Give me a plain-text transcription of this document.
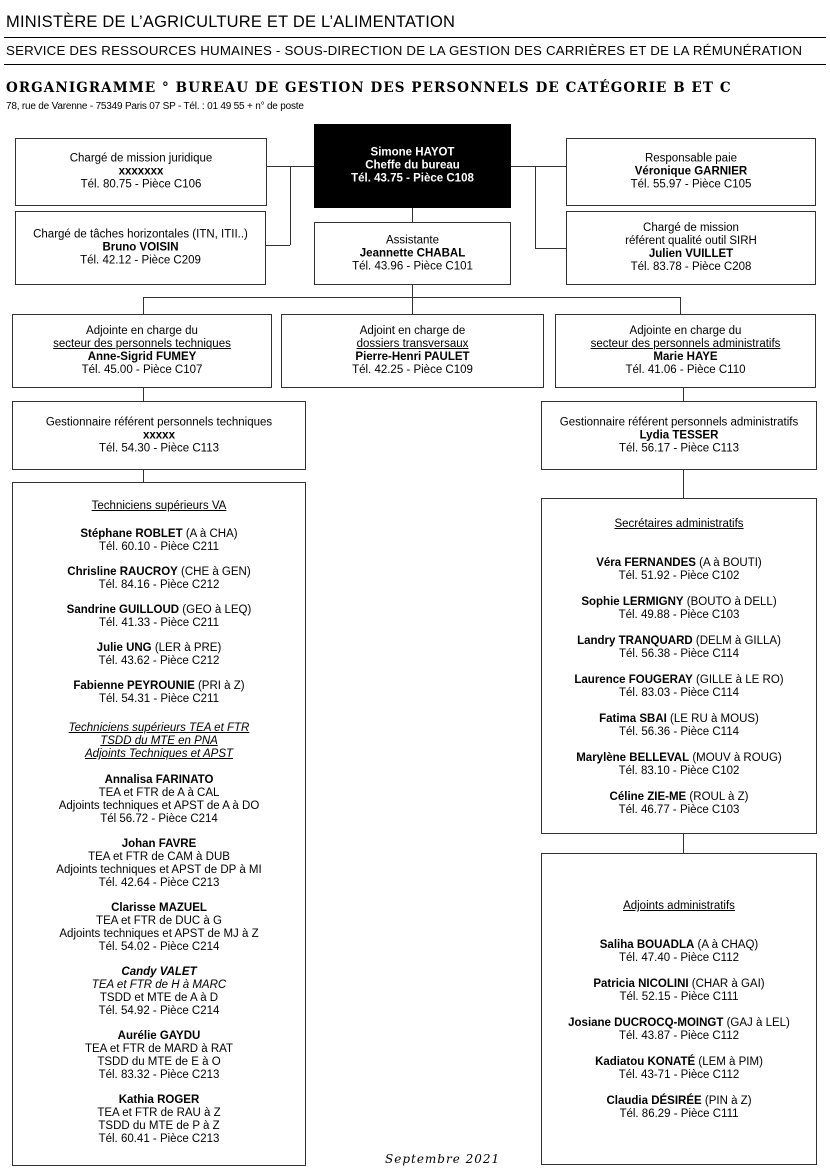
MINISTÈRE DE L’AGRICULTURE ET DE L’ALIMENTATION
SERVICE DES RESSOURCES HUMAINES - SOUS-DIRECTION DE LA GESTION DES CARRIÈRES ET DE LA RÉMUNÉRATION
ORGANIGRAMME ° BUREAU DE GESTION DES PERSONNELS DE CATÉGORIE B ET C
78, rue de Varenne - 75349 Paris 07 SP - Tél. : 01 49 55 + n° de poste
Chargé de mission juridique
xxxxxxx
Tél. 80.75 - Pièce C106
Simone HAYOT
Cheffe du bureau
Tél. 43.75 - Pièce C108
Responsable paie
Véronique GARNIER
Tél. 55.97 - Pièce C105
Chargé de tâches horizontales (ITN, ITII..)
Bruno VOISIN
Tél. 42.12 - Pièce C209
Assistante
Jeannette CHABAL
Tél. 43.96 - Pièce C101
Chargé de mission
référent qualité outil SIRH
Julien VUILLET
Tél. 83.78 - Pièce C208
Adjointe en charge du
secteur des personnels techniques
Anne-Sigrid FUMEY
Tél. 45.00 - Pièce C107
Adjoint en charge de
dossiers transversaux
Pierre-Henri PAULET
Tél. 42.25 - Pièce C109
Adjointe en charge du
secteur des personnels administratifs
Marie HAYE
Tél. 41.06 - Pièce C110
Gestionnaire référent personnels techniques
xxxxx
Tél. 54.30 - Pièce C113
Gestionnaire référent personnels administratifs
Lydia TESSER
Tél. 56.17 - Pièce C113
Techniciens supérieurs VA
Stéphane ROBLET (A à CHA)
Tél. 60.10 - Pièce C211
Chrisline RAUCROY (CHE à GEN)
Tél. 84.16 - Pièce C212
Sandrine GUILLOUD (GEO à LEQ)
Tél. 41.33 - Pièce C211
Julie UNG (LER à PRE)
Tél. 43.62 - Pièce C212
Fabienne PEYROUNIE (PRI à Z)
Tél. 54.31 - Pièce C211
Techniciens supérieurs TEA et FTR
TSDD du MTE en PNA
Adjoints Techniques et APST
Annalisa FARINATO
TEA et FTR de A à CAL
Adjoints techniques et APST de A à DO
Tél 56.72 - Pièce C214
Johan FAVRE
TEA et FTR de CAM à DUB
Adjoints techniques et APST de DP à MI
Tél. 42.64 - Pièce C213
Clarisse MAZUEL
TEA et FTR de DUC à G
Adjoints techniques et APST de MJ à Z
Tél. 54.02 - Pièce C214
Candy VALET
TEA et FTR de H à MARC
TSDD et MTE de A à D
Tél. 54.92 - Pièce C214
Aurélie GAYDU
TEA et FTR de MARD à RAT
TSDD du MTE de E à O
Tél. 83.32 - Pièce C213
Kathia ROGER
TEA et FTR de RAU à Z
TSDD du MTE de P à Z
Tél. 60.41 - Pièce C213
Secrétaires administratifs
Véra FERNANDES (A à BOUTI)
Tél. 51.92 - Pièce C102
Sophie LERMIGNY (BOUTO à DELL)
Tél. 49.88 - Pièce C103
Landry TRANQUARD (DELM à GILLA)
Tél. 56.38 - Pièce C114
Laurence FOUGERAY (GILLE à LE RO)
Tél. 83.03 - Pièce C114
Fatima SBAI (LE RU à MOUS)
Tél. 56.36 - Pièce C114
Marylène BELLEVAL (MOUV à ROUG)
Tél. 83.10 - Pièce C102
Céline ZIE-ME (ROUL à Z)
Tél. 46.77 - Pièce C103
Adjoints administratifs
Saliha BOUADLA (A à CHAQ)
Tél. 47.40 - Pièce C112
Patricia NICOLINI (CHAR à GAI)
Tél. 52.15 - Pièce C111
Josiane DUCROCQ-MOINGT (GAJ à LEL)
Tél. 43.87 - Pièce C112
Kadiatou KONATÉ (LEM à PIM)
Tél. 43-71 - Pièce C112
Claudia DÉSIRÉE (PIN à Z)
Tél. 86.29 - Pièce C111
Septembre 2021
